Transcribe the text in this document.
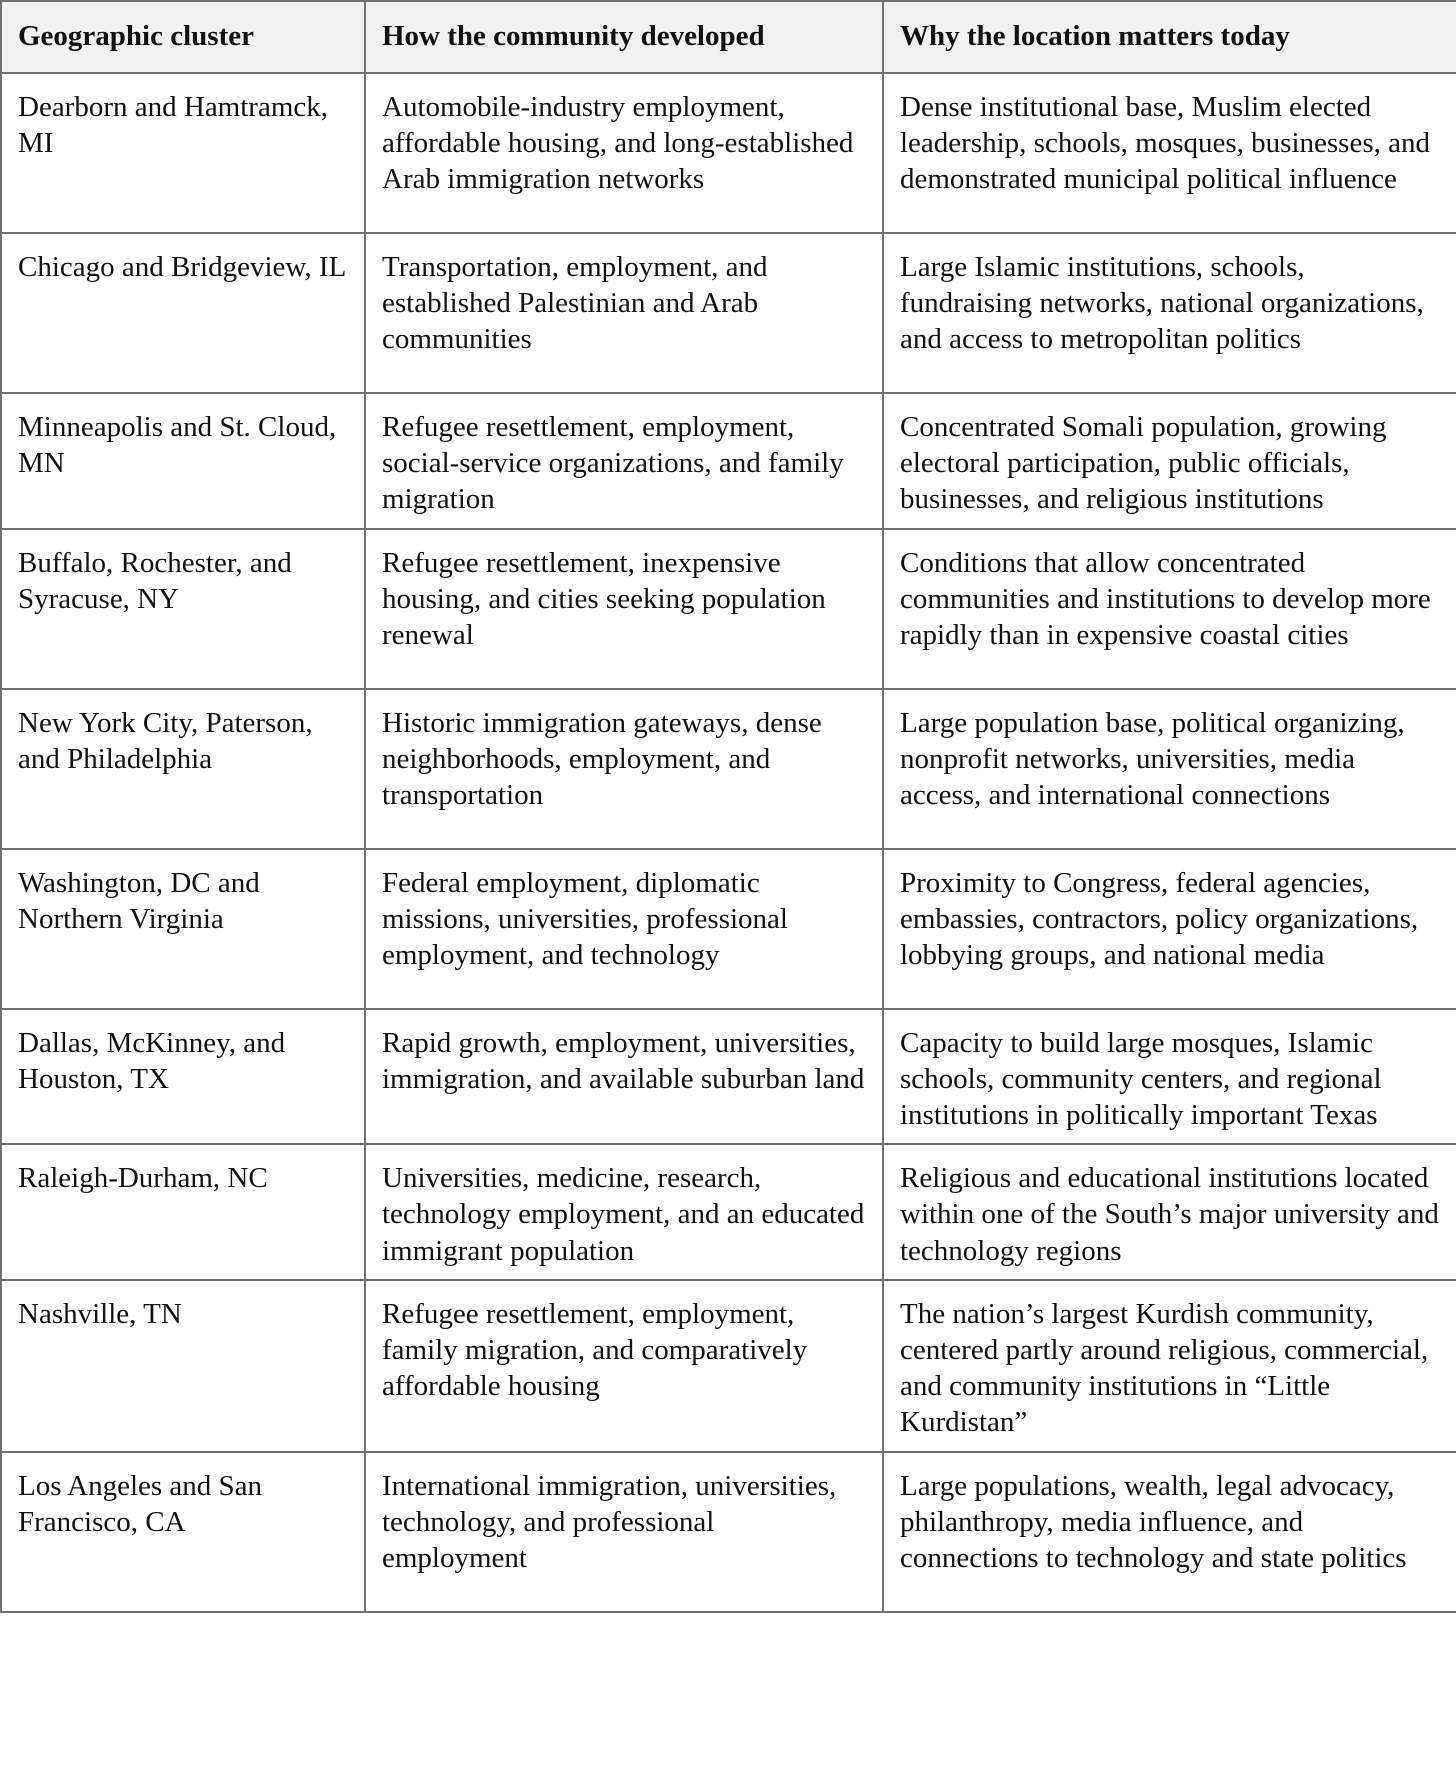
Geographic cluster	How the community developed	Why the location matters today
Dearborn and Hamtramck, MI	Automobile-industry employment, affordable housing, and long-established Arab immigration networks	Dense institutional base, Muslim elected leadership, schools, mosques, businesses, and demonstrated municipal political influence
Chicago and Bridgeview, IL	Transportation, employment, and established Palestinian and Arab communities	Large Islamic institutions, schools, fundraising networks, national organizations, and access to metropolitan politics
Minneapolis and St. Cloud, MN	Refugee resettlement, employment, social-service organizations, and family migration	Concentrated Somali population, growing electoral participation, public officials, businesses, and religious institutions
Buffalo, Rochester, and Syracuse, NY	Refugee resettlement, inexpensive housing, and cities seeking population renewal	Conditions that allow concentrated communities and institutions to develop more rapidly than in expensive coastal cities
New York City, Paterson, and Philadelphia	Historic immigration gateways, dense neighborhoods, employment, and transportation	Large population base, political organizing, nonprofit networks, universities, media access, and international connections
Washington, DC and Northern Virginia	Federal employment, diplomatic missions, universities, professional employment, and technology	Proximity to Congress, federal agencies, embassies, contractors, policy organizations, lobbying groups, and national media
Dallas, McKinney, and Houston, TX	Rapid growth, employment, universities, immigration, and available suburban land	Capacity to build large mosques, Islamic schools, community centers, and regional institutions in politically important Texas
Raleigh-Durham, NC	Universities, medicine, research, technology employment, and an educated immigrant population	Religious and educational institutions located within one of the South’s major university and technology regions
Nashville, TN	Refugee resettlement, employment, family migration, and comparatively affordable housing	The nation’s largest Kurdish community, centered partly around religious, commercial, and community institutions in “Little Kurdistan”
Los Angeles and San Francisco, CA	International immigration, universities, technology, and professional employment	Large populations, wealth, legal advocacy, philanthropy, media influence, and connections to technology and state politics
